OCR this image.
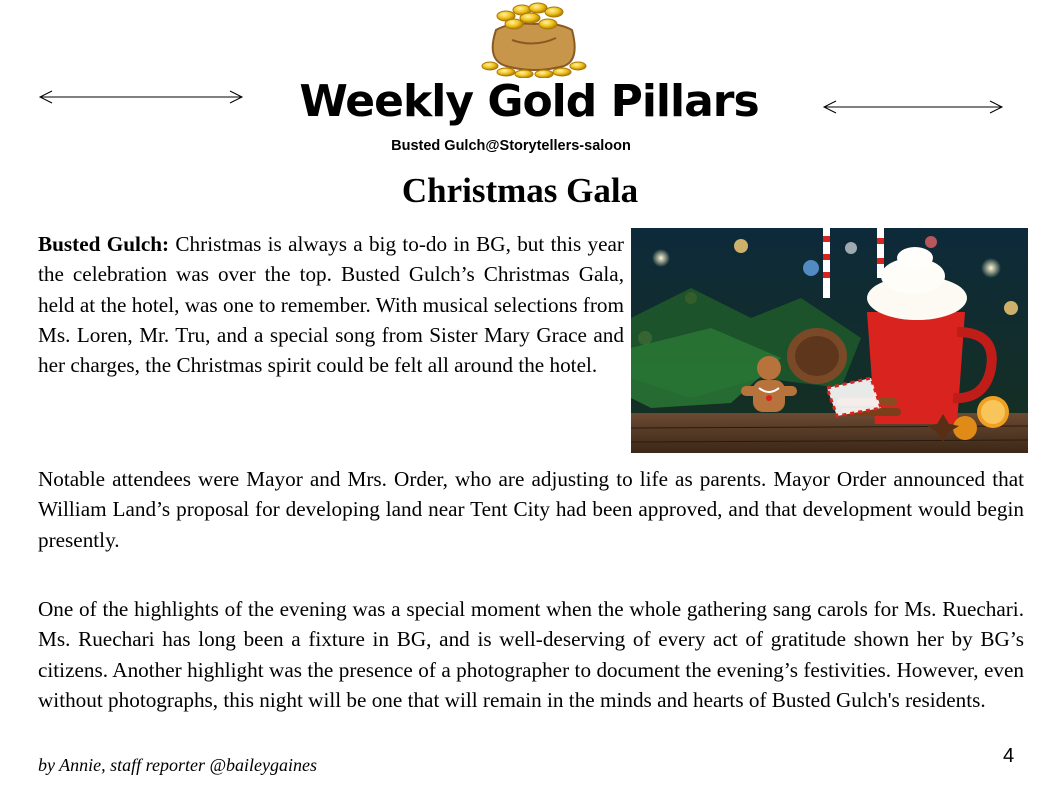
Weekly Gold Pillars
Busted Gulch@Storytellers-saloon
Christmas Gala
Busted Gulch: Christmas is always a big to-do in BG, but this year the celebration was over the top. Busted Gulch’s Christmas Gala, held at the hotel, was one to remember. With musical selections from Ms. Loren, Mr. Tru, and a special song from Sister Mary Grace and her charges, the Christmas spirit could be felt all around the hotel.
Notable attendees were Mayor and Mrs. Order, who are adjusting to life as parents. Mayor Order announced that William Land’s proposal for developing land near Tent City had been approved, and that development would begin presently.
One of the highlights of the evening was a special moment when the whole gathering sang carols for Ms. Ruechari. Ms. Ruechari has long been a fixture in BG, and is well-deserving of every act of gratitude shown her by BG’s citizens. Another highlight was the presence of a photographer to document the evening’s festivities. However, even without photographs, this night will be one that will remain in the minds and hearts of Busted Gulch's residents.
by Annie, staff reporter @baileygaines	4
